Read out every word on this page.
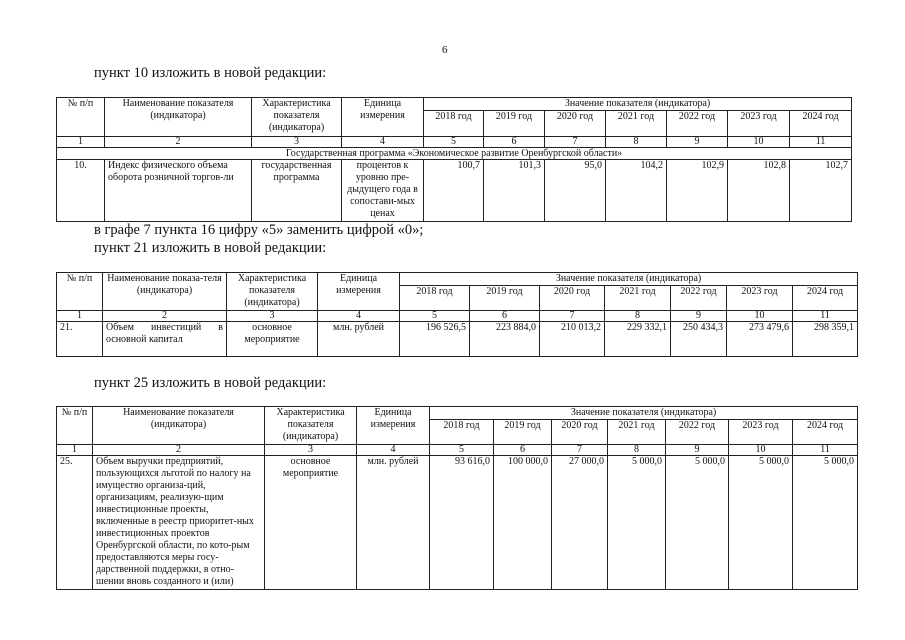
6
пункт 10 изложить в новой редакции:
№ п/п	Наименование показателя (индикатора)	Характеристика показателя (индикатора)	Единица измерения	Значение показателя (индикатора)						
				2018 год	2019 год	2020 год	2021 год	2022 год	2023 год	2024 год
1	2	3	4	5	6	7	8	9	10	11
Государственная программа «Экономическое развитие Оренбургской области»										
10.	Индекс физического объема оборота розничной торгов-ли	государственная программа	процентов к уровню пре-дыдущего года в сопостави-мых ценах	100,7	101,3	95,0	104,2	102,9	102,8	102,7
в графе 7 пункта 16 цифру «5» заменить цифрой «0»;
пункт 21 изложить в новой редакции:
№ п/п	Наименование показа-теля (индикатора)	Характеристика показателя (индикатора)	Единица измерения	Значение показателя (индикатора)						
				2018 год	2019 год	2020 год	2021 год	2022 год	2023 год	2024 год
1	2	3	4	5	6	7	8	9	10	11
21.	Объем инвестиций в основной капитал	основное мероприятие	млн. рублей	196 526,5	223 884,0	210 013,2	229 332,1	250 434,3	273 479,6	298 359,1
пункт 25 изложить в новой редакции:
№ п/п	Наименование показателя (индикатора)	Характеристика показателя (индикатора)	Единица измерения	Значение показателя (индикатора)						
				2018 год	2019 год	2020 год	2021 год	2022 год	2023 год	2024 год
1	2	3	4	5	6	7	8	9	10	11
25.	Объем выручки предприятий, пользующихся льготой по налогу на имущество организа-ций, организациям, реализую-щим инвестиционные проекты, включенные в реестр приоритет-ных инвестиционных проектов Оренбургской области, по кото-рым предоставляются меры госу-дарственной поддержки, в отно-шении вновь созданного и (или)	основное мероприятие	млн. рублей	93 616,0	100 000,0	27 000,0	5 000,0	5 000,0	5 000,0	5 000,0
